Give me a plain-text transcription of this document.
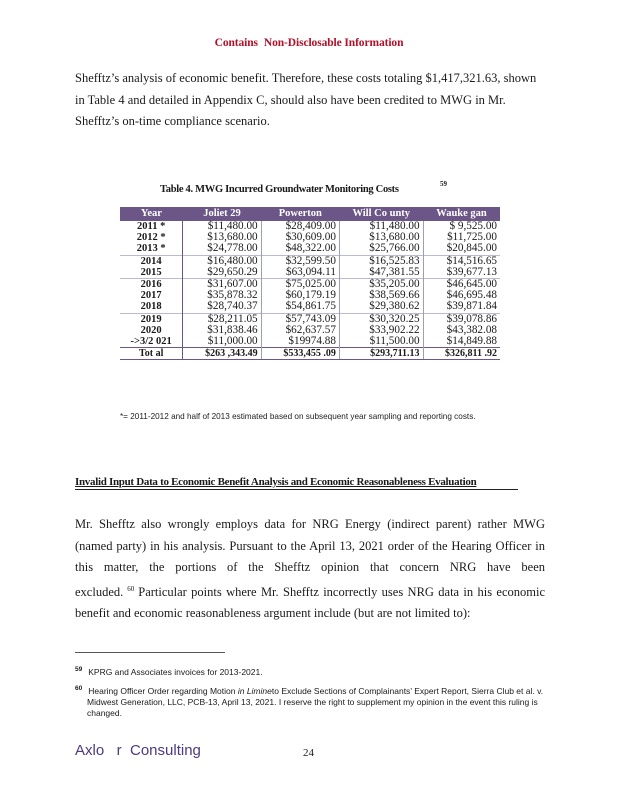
Contains Non-Disclosable Information
Shefftz’s analysis of economic benefit. Therefore, these costs totaling $1,417,321.63, shown in Table 4 and detailed in Appendix C, should also have been credited to MWG in Mr. Shefftz’s on-time compliance scenario.
Table 4. MWG Incurred Groundwater Monitoring Costs	59
Year	Joliet 29	Powerton	Will Co unty	Wauke gan
2011 *	$11,480.00	$28,409.00	$11,480.00	$ 9,525.00
2012 *	$13,680.00	$30,609.00	$13,680.00	$11,725.00
2013 *	$24,778.00	$48,322.00	$25,766.00	$20,845.00
2014	$16,480.00	$32,599.50	$16,525.83	$14,516.65
2015	$29,650.29	$63,094.11	$47,381.55	$39,677.13
2016	$31,607.00	$75,025.00	$35,205.00	$46,645.00
2017	$35,878.32	$60,179.19	$38,569.66	$46,695.48
2018	$28,740.37	$54,861.75	$29,380.62	$39,871.84
2019	$28,211.05	$57,743.09	$30,320.25	$39,078.86
2020	$31,838.46	$62,637.57	$33,902.22	$43,382.08
->3/2 021	$11,000.00	$19974.88	$11,500.00	$14,849.88
Tot al	$263 ,343.49	$533,455 .09	$293,711.13	$326,811 .92
*= 2011-2012 and half of 2013 estimated based on subsequent year sampling and reporting costs.
Invalid Input Data to Economic Benefit Analysis and Economic Reasonableness Evaluation
Mr. Shefftz also wrongly employs data for NRG Energy (indirect parent) rather MWG (named party) in his analysis. Pursuant to the April 13, 2021 order of the Hearing Officer in this matter, the portions of the Shefftz opinion that concern NRG have been excluded. $^{60}$ Particular points where Mr. Shefftz incorrectly uses NRG data in his economic benefit and economic reasonableness argument include (but are not limited to):
$^{59}$ KPRG and Associates invoices for 2013-2021.
$^{60}$ Hearing Officer Order regarding Motion in Limineto Exclude Sections of Complainants’ Expert Report, Sierra Club et al. v. Midwest Generation, LLC, PCB-13, April 13, 2021. I reserve the right to supplement my opinion in the event this ruling is changed.
Axlo   r  Consulting	24
